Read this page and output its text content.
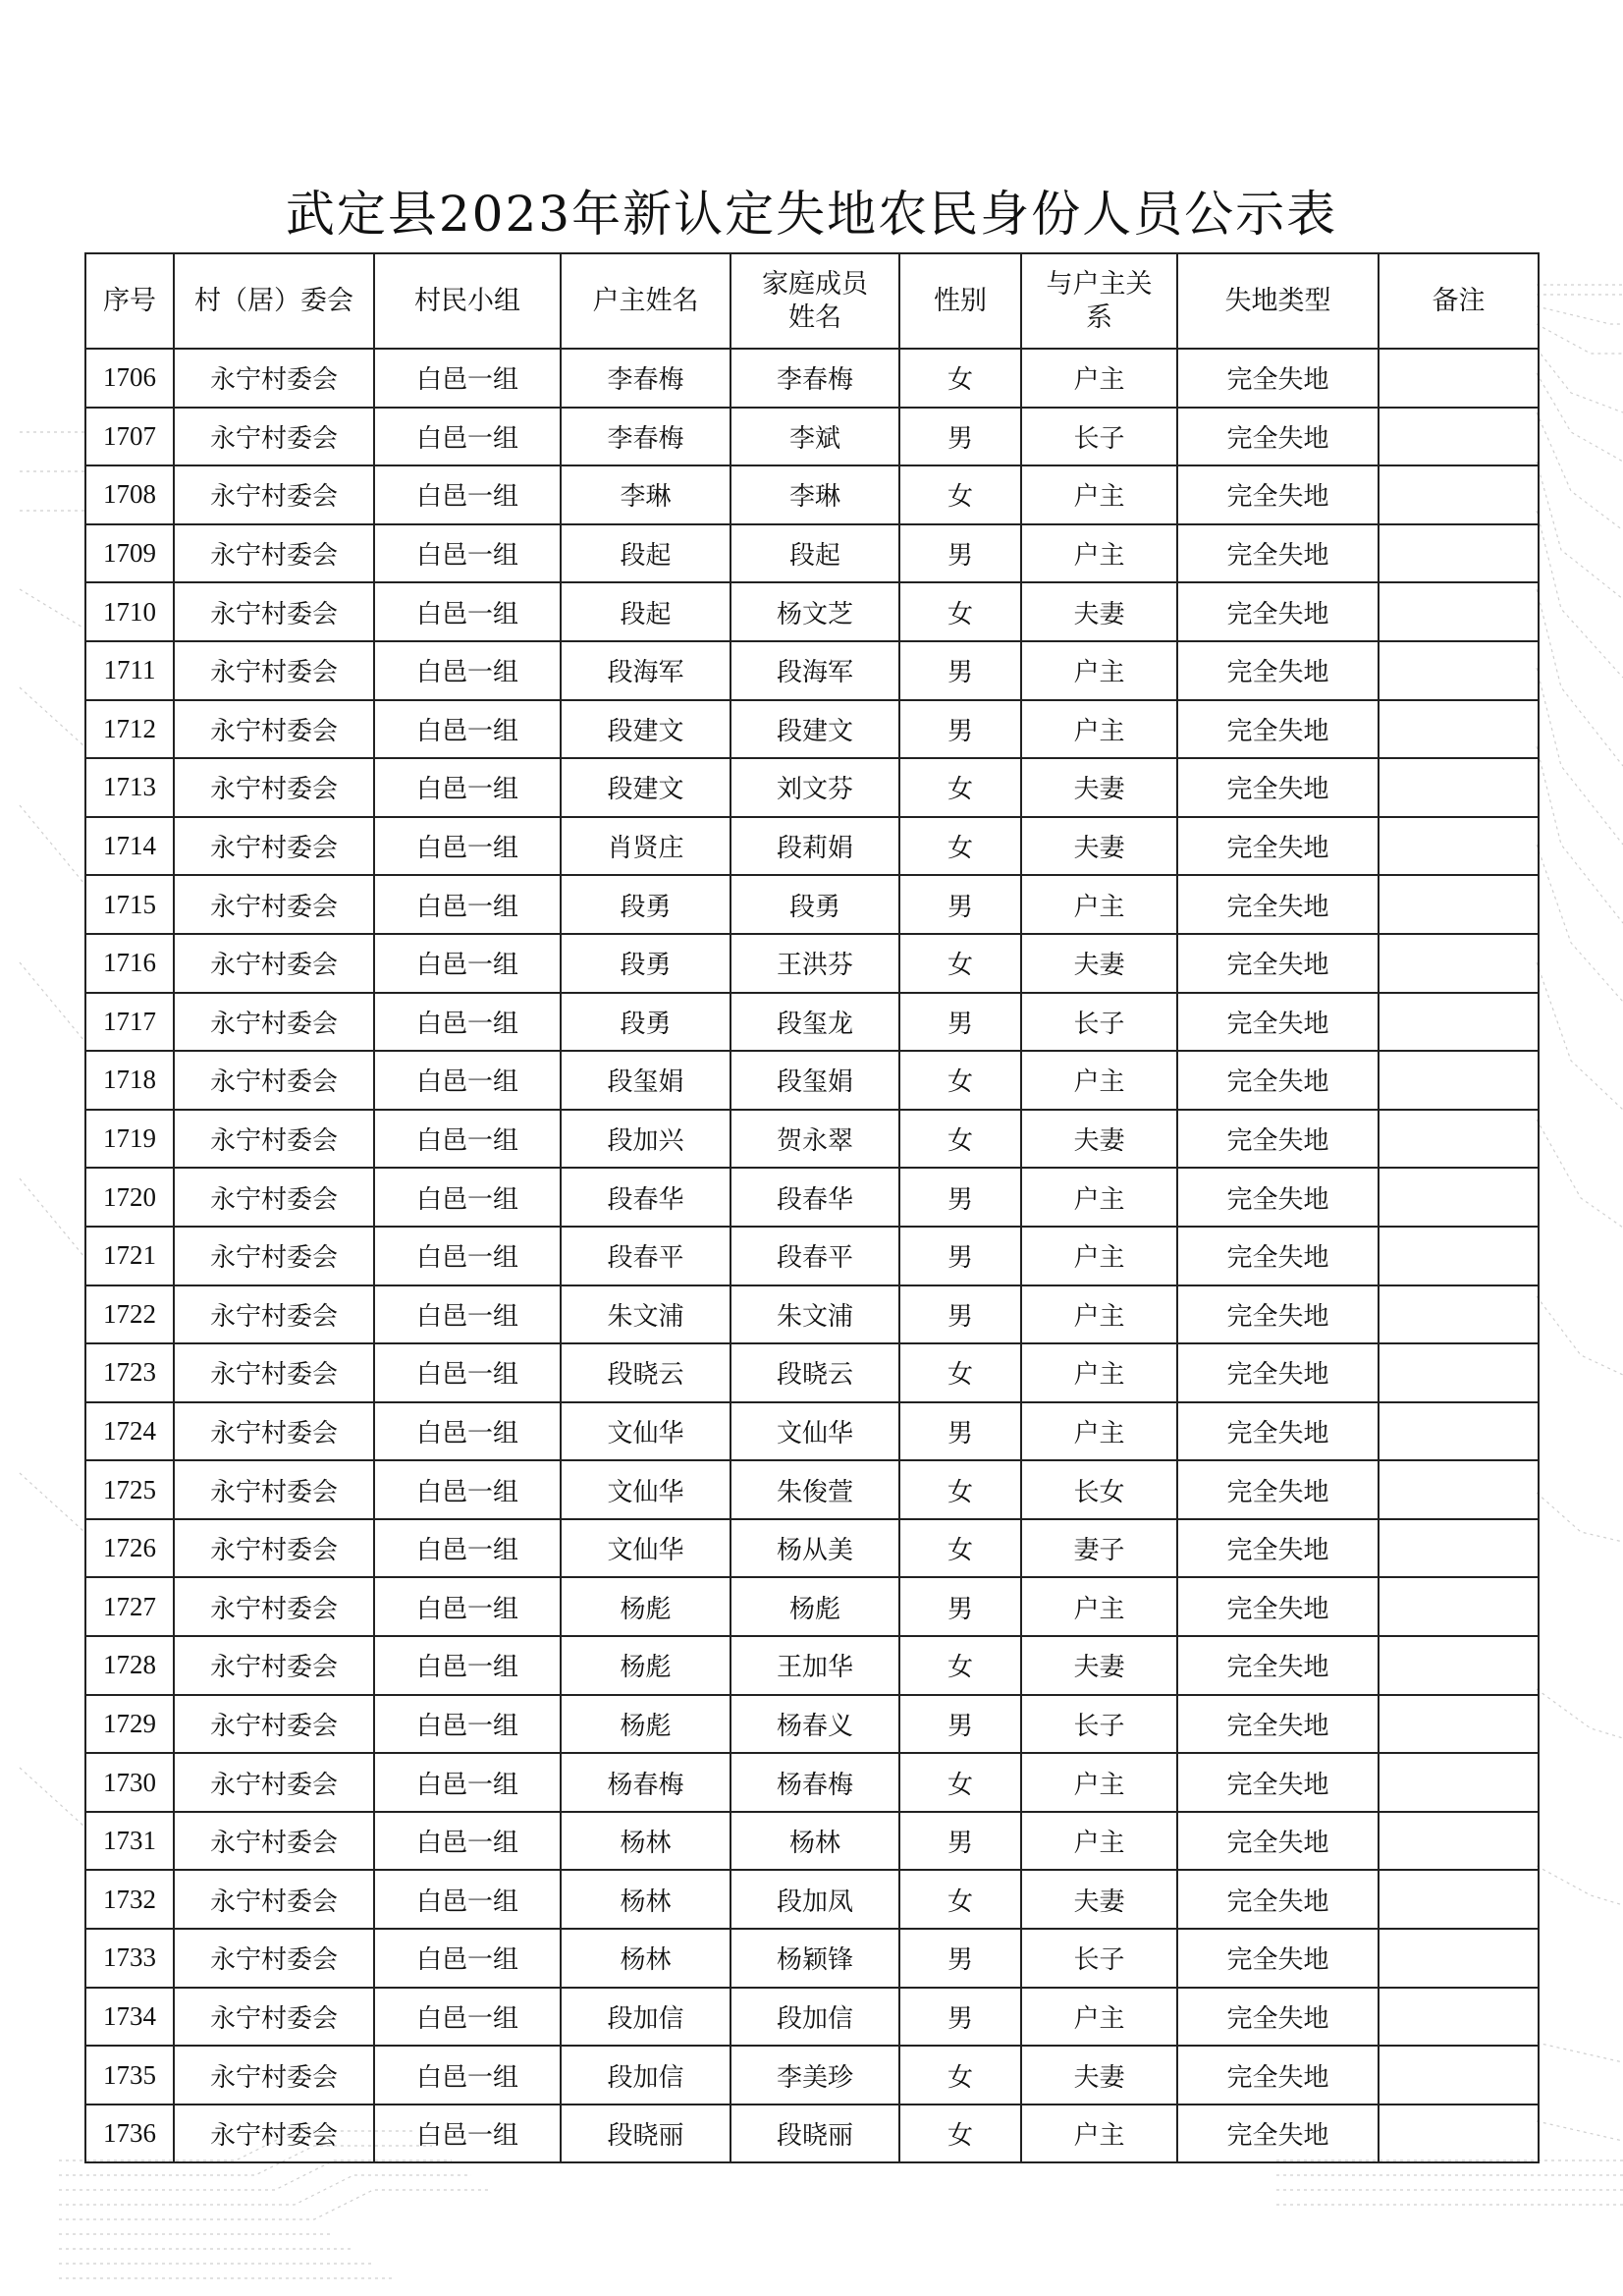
武定县2023年新认定失地农民身份人员公示表
序号	村（居）委会	村民小组	户主姓名	家庭成员姓名	性别	与户主关系	失地类型	备注
1706	永宁村委会	白邑一组	李春梅	李春梅	女	户主	完全失地	
1707	永宁村委会	白邑一组	李春梅	李斌	男	长子	完全失地	
1708	永宁村委会	白邑一组	李琳	李琳	女	户主	完全失地	
1709	永宁村委会	白邑一组	段起	段起	男	户主	完全失地	
1710	永宁村委会	白邑一组	段起	杨文芝	女	夫妻	完全失地	
1711	永宁村委会	白邑一组	段海军	段海军	男	户主	完全失地	
1712	永宁村委会	白邑一组	段建文	段建文	男	户主	完全失地	
1713	永宁村委会	白邑一组	段建文	刘文芬	女	夫妻	完全失地	
1714	永宁村委会	白邑一组	肖贤庄	段莉娟	女	夫妻	完全失地	
1715	永宁村委会	白邑一组	段勇	段勇	男	户主	完全失地	
1716	永宁村委会	白邑一组	段勇	王洪芬	女	夫妻	完全失地	
1717	永宁村委会	白邑一组	段勇	段玺龙	男	长子	完全失地	
1718	永宁村委会	白邑一组	段玺娟	段玺娟	女	户主	完全失地	
1719	永宁村委会	白邑一组	段加兴	贺永翠	女	夫妻	完全失地	
1720	永宁村委会	白邑一组	段春华	段春华	男	户主	完全失地	
1721	永宁村委会	白邑一组	段春平	段春平	男	户主	完全失地	
1722	永宁村委会	白邑一组	朱文浦	朱文浦	男	户主	完全失地	
1723	永宁村委会	白邑一组	段晓云	段晓云	女	户主	完全失地	
1724	永宁村委会	白邑一组	文仙华	文仙华	男	户主	完全失地	
1725	永宁村委会	白邑一组	文仙华	朱俊萱	女	长女	完全失地	
1726	永宁村委会	白邑一组	文仙华	杨从美	女	妻子	完全失地	
1727	永宁村委会	白邑一组	杨彪	杨彪	男	户主	完全失地	
1728	永宁村委会	白邑一组	杨彪	王加华	女	夫妻	完全失地	
1729	永宁村委会	白邑一组	杨彪	杨春义	男	长子	完全失地	
1730	永宁村委会	白邑一组	杨春梅	杨春梅	女	户主	完全失地	
1731	永宁村委会	白邑一组	杨林	杨林	男	户主	完全失地	
1732	永宁村委会	白邑一组	杨林	段加凤	女	夫妻	完全失地	
1733	永宁村委会	白邑一组	杨林	杨颖锋	男	长子	完全失地	
1734	永宁村委会	白邑一组	段加信	段加信	男	户主	完全失地	
1735	永宁村委会	白邑一组	段加信	李美珍	女	夫妻	完全失地	
1736	永宁村委会	白邑一组	段晓丽	段晓丽	女	户主	完全失地	
